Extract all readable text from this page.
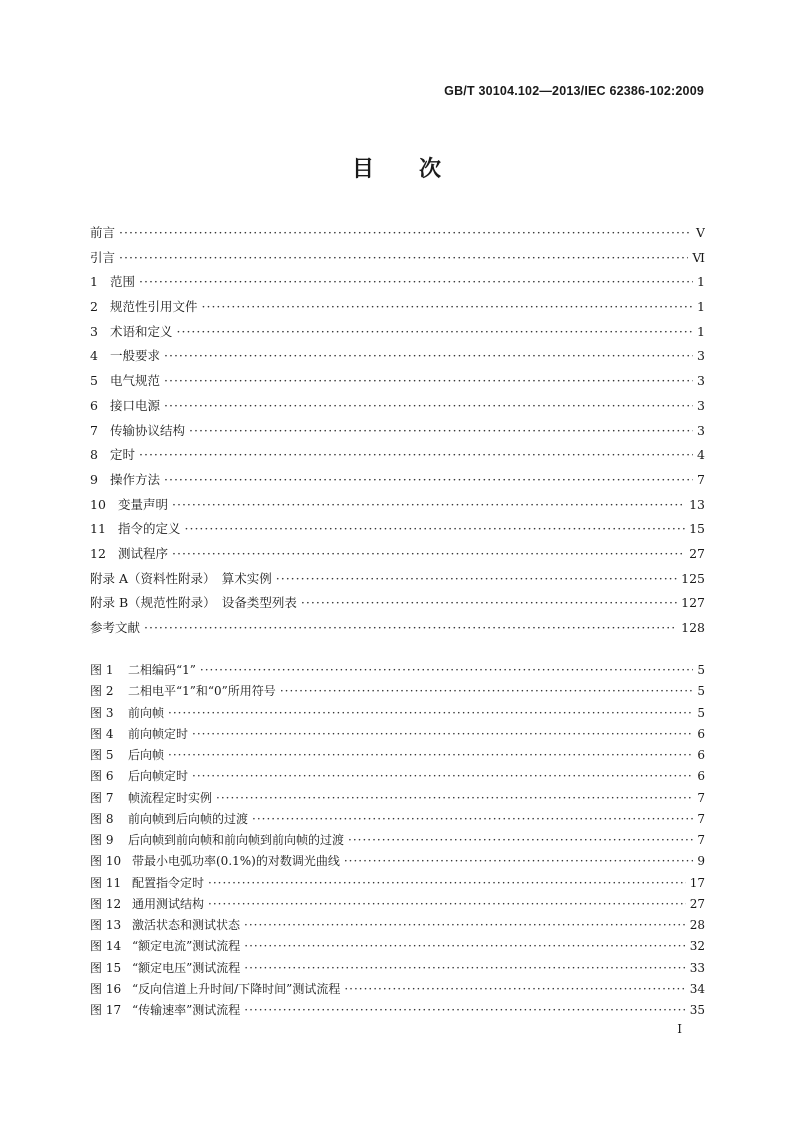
GB/T 30104.102—2013/IEC 62386-102:2009
目 次
前言 ·····	Ⅴ
引言 ·····	Ⅵ
1 范围 ·····	1
2 规范性引用文件 ·····	1
3 术语和定义 ·····	1
4 一般要求 ·····	3
5 电气规范 ·····	3
6 接口电源 ·····	3
7 传输协议结构 ·····	3
8 定时 ·····	4
9 操作方法 ·····	7
10 变量声明 ·····	13
11 指令的定义 ·····	15
12 测试程序 ·····	27
附录 A（资料性附录）　算术实例 ·····	125
附录 B（规范性附录）　设备类型列表 ·····	127
参考文献 ·····	128
图 1	二相编码“1” ·····	5
图 2	二相电平“1”和“0”所用符号 ·····	5
图 3	前向帧 ·····	5
图 4	前向帧定时 ·····	6
图 5	后向帧 ·····	6
图 6	后向帧定时 ·····	6
图 7	帧流程定时实例 ·····	7
图 8	前向帧到后向帧的过渡 ·····	7
图 9	后向帧到前向帧和前向帧到前向帧的过渡 ·····	7
图 10 带最小电弧功率(0.1%)的对数调光曲线 ·····	9
图 11 配置指令定时 ·····	17
图 12 通用测试结构 ·····	27
图 13 激活状态和测试状态 ·····	28
图 14 “额定电流”测试流程 ·····	32
图 15 “额定电压”测试流程 ·····	33
图 16 “反向信道上升时间/下降时间”测试流程 ·····	34
图 17 “传输速率”测试流程 ·····	35
I
